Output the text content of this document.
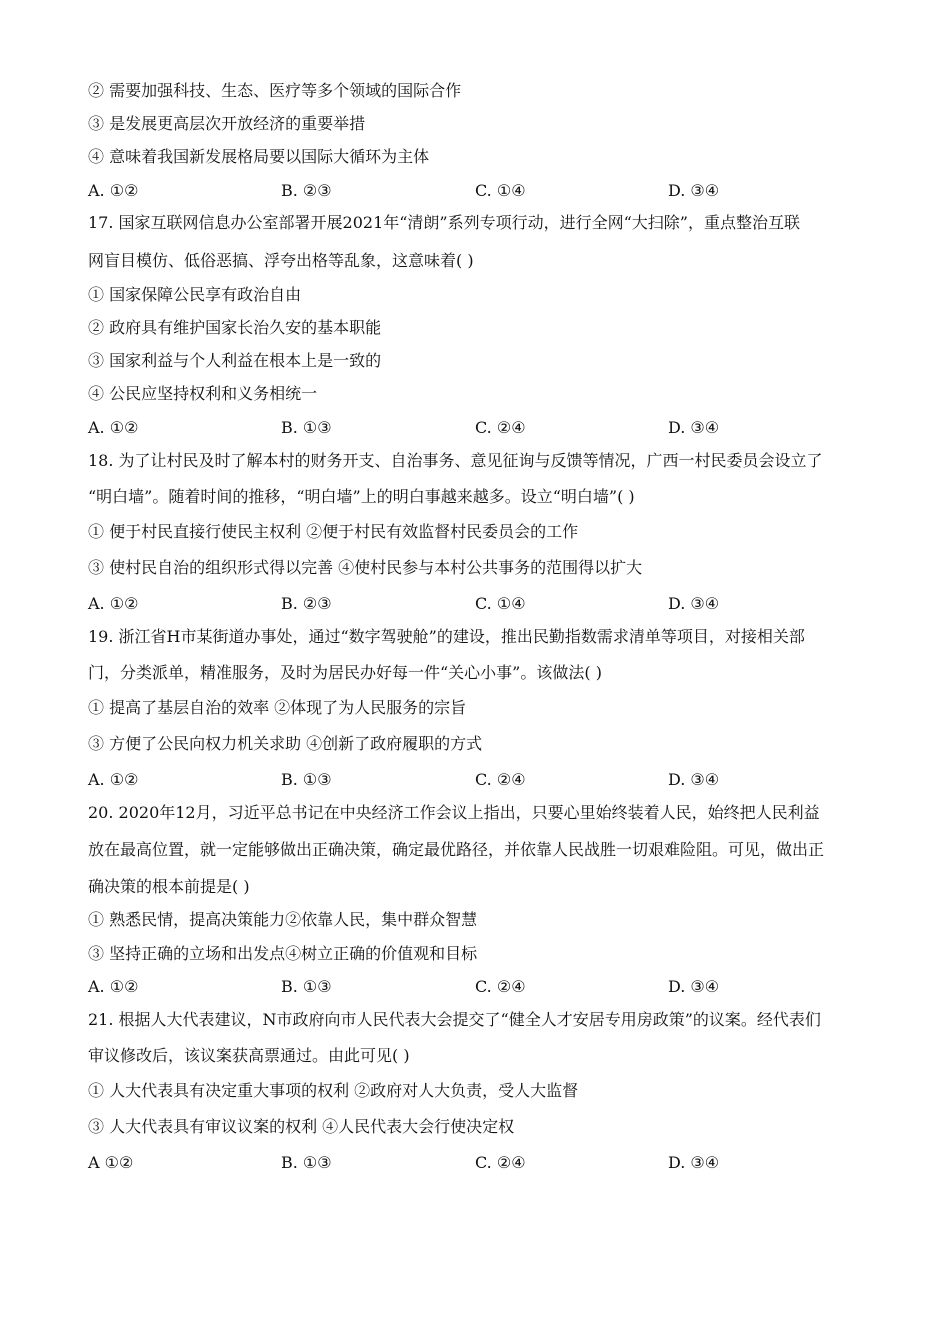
② 需要加强科技、生态、医疗等多个领域的国际合作
③ 是发展更高层次开放经济的重要举措
④ 意味着我国新发展格局要以国际大循环为主体
A. ①②	B. ②③	C. ①④	D. ③④
17. 国家互联网信息办公室部署开展2021年“清朗”系列专项行动，进行全网“大扫除”，重点整治互联
网盲目模仿、低俗恶搞、浮夸出格等乱象，这意味着( )
① 国家保障公民享有政治自由
② 政府具有维护国家长治久安的基本职能
③ 国家利益与个人利益在根本上是一致的
④ 公民应坚持权利和义务相统一
A. ①②	B. ①③	C. ②④	D. ③④
18. 为了让村民及时了解本村的财务开支、自治事务、意见征询与反馈等情况，广西一村民委员会设立了
“明白墙”。随着时间的推移，“明白墙”上的明白事越来越多。设立“明白墙”( )
① 便于村民直接行使民主权利 ②便于村民有效监督村民委员会的工作
③ 使村民自治的组织形式得以完善 ④使村民参与本村公共事务的范围得以扩大
A. ①②	B. ②③	C. ①④	D. ③④
19. 浙江省H市某街道办事处，通过“数字驾驶舱”的建设，推出民勤指数需求清单等项目，对接相关部
门，分类派单，精准服务，及时为居民办好每一件“关心小事”。该做法( )
① 提高了基层自治的效率 ②体现了为人民服务的宗旨
③ 方便了公民向权力机关求助 ④创新了政府履职的方式
A. ①②	B. ①③	C. ②④	D. ③④
20. 2020年12月，习近平总书记在中央经济工作会议上指出，只要心里始终装着人民，始终把人民利益
放在最高位置，就一定能够做出正确决策，确定最优路径，并依靠人民战胜一切艰难险阻。可见，做出正
确决策的根本前提是( )
① 熟悉民情，提高决策能力②依靠人民，集中群众智慧
③ 坚持正确的立场和出发点④树立正确的价值观和目标
A. ①②	B. ①③	C. ②④	D. ③④
21. 根据人大代表建议，N市政府向市人民代表大会提交了“健全人才安居专用房政策”的议案。经代表们
审议修改后，该议案获高票通过。由此可见( )
① 人大代表具有决定重大事项的权利 ②政府对人大负责，受人大监督
③ 人大代表具有审议议案的权利 ④人民代表大会行使决定权
A ①②	B. ①③	C. ②④	D. ③④
